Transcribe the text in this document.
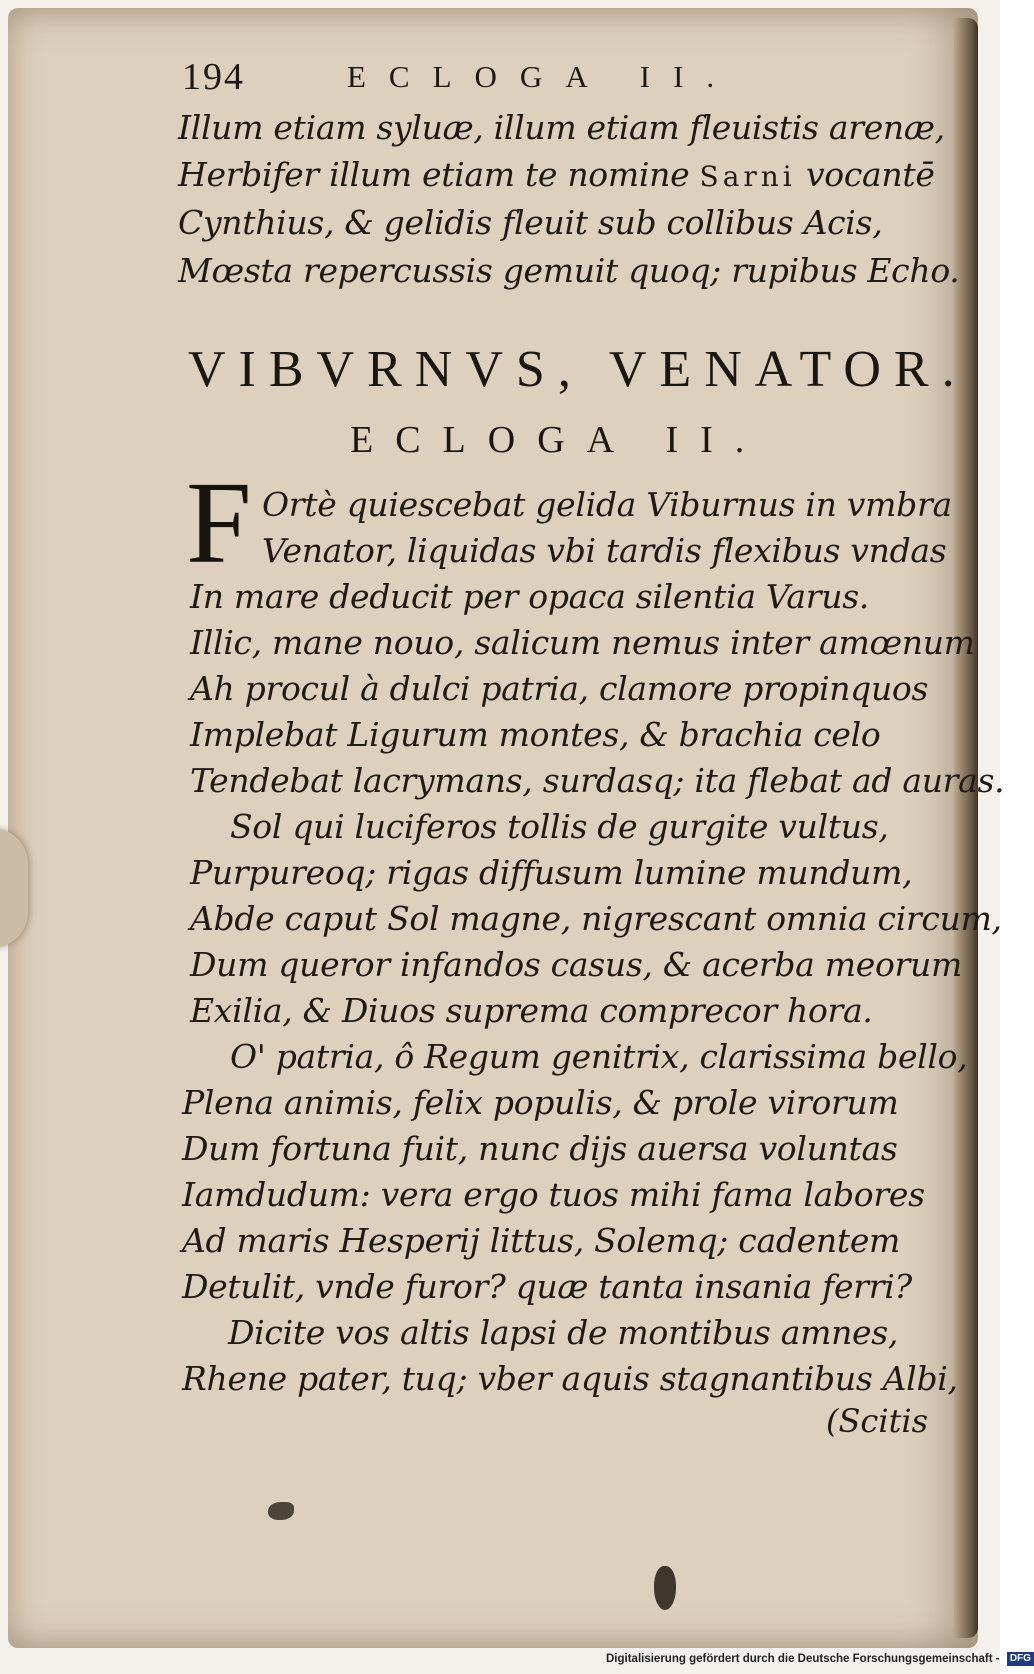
194	ECLOGA II.
Illum etiam syluæ, illum etiam fleuistis arenæ,
Herbifer illum etiam te nomine Sarni vocantē
Cynthius, & gelidis fleuit sub collibus Acis,
Mœsta repercussis gemuit quoq; rupibus Echo.
VIBVRNVS, VENATOR.
ECLOGA II.
F Ortè quiescebat gelida Viburnus in vmbra
Venator, liquidas vbi tardis flexibus vndas
In mare deducit per opaca silentia Varus.
Illic, mane nouo, salicum nemus inter amœnum
Ah procul à dulci patria, clamore propinquos
Implebat Ligurum montes, & brachia celo
Tendebat lacrymans, surdasq; ita flebat ad auras.
Sol qui luciferos tollis de gurgite vultus,
Purpureoq; rigas diffusum lumine mundum,
Abde caput Sol magne, nigrescant omnia circum,
Dum queror infandos casus, & acerba meorum
Exilia, & Diuos suprema comprecor hora.
O' patria, ô Regum genitrix, clarissima bello,
Plena animis, felix populis, & prole virorum
Dum fortuna fuit, nunc dijs auersa voluntas
Iamdudum: vera ergo tuos mihi fama labores
Ad maris Hesperij littus, Solemq; cadentem
Detulit, vnde furor? quæ tanta insania ferri?
Dicite vos altis lapsi de montibus amnes,
Rhene pater, tuq; vber aquis stagnantibus Albi,
(Scitis
Digitalisierung gefördert durch die Deutsche Forschungsgemeinschaft - DFG
